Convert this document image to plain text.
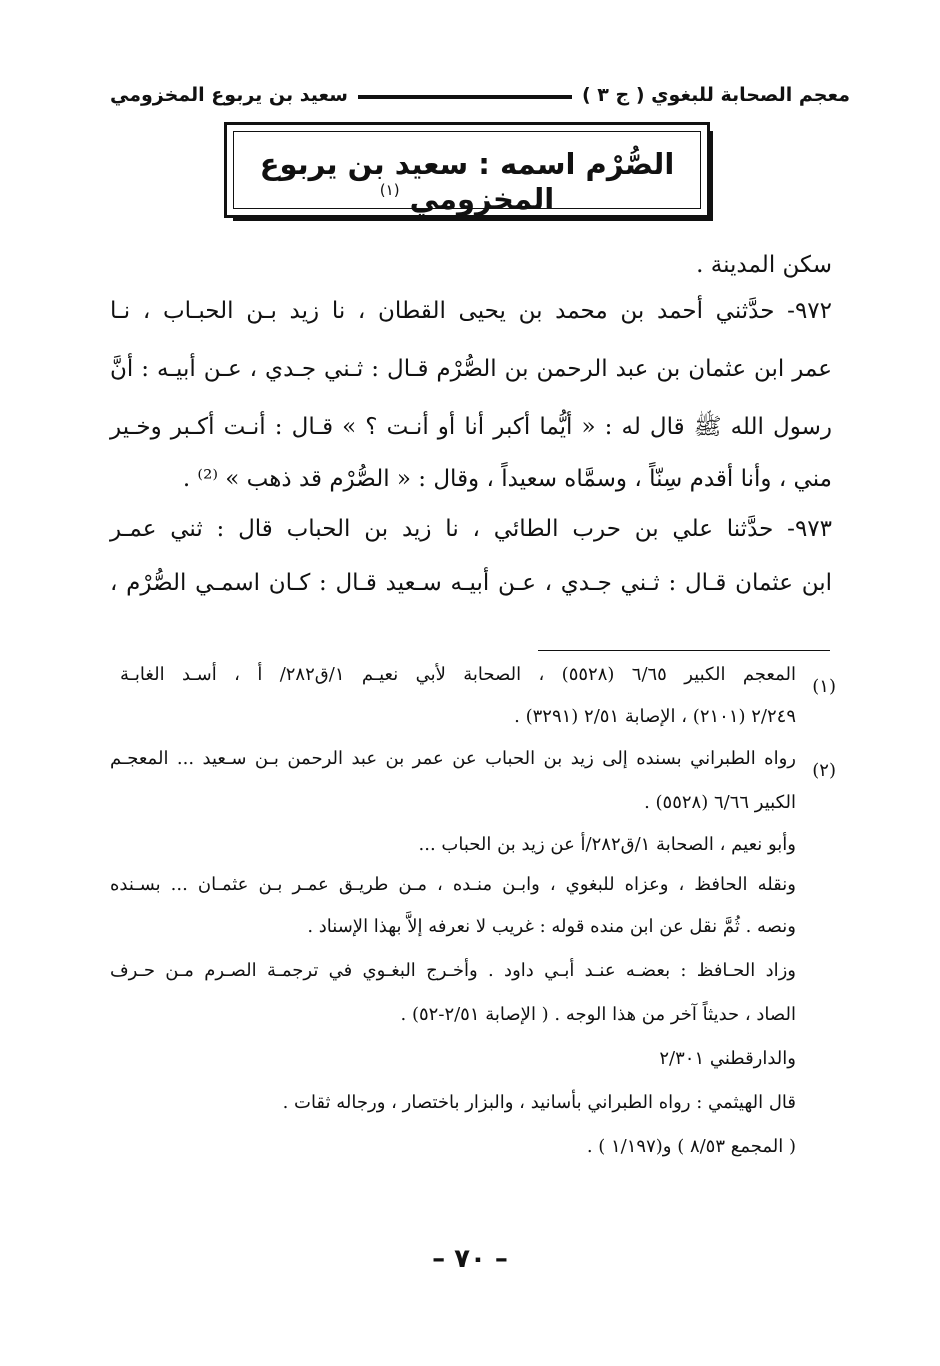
معجم الصحابة للبغوي ( ج ٣ )
سعيد بن يربوع المخزومي
الصُّرْم اسمه : سعيد بن يربوع المخزومي $^{(١)}$
سكن المدينة .
٩٧٢- حدَّثني أحمد بن محمد بن يحيى القطان ، نا زيد بـن الحبـاب ، نـا
عمر ابن عثمان بن عبد الرحمن بن الصُّرْم قـال : ثـني جـدي ، عـن أبيـه : أنَّ
رسول الله ﷺ قال له : « أيُّما أكبر أنا أو أنـت ؟ » قـال : أنـت أكـبر وخـير
مني ، وأنا أقدم سِنّاً ، وسمَّاه سعيداً ، وقال : « الصُّرْم قد ذهب » ⁽²⁾ .
٩٧٣- حدَّثنا علي بن حرب الطائي ، نا زيد بن الحباب قال : ثني عمـر
ابن عثمان قـال : ثـني جـدي ، عـن أبيـه سـعيد قـال : كـان اسمـي الصُّرْم ،
(١)
المعجم الكبير ٦/٦٥ (٥٥٢٨) ، الصحابة لأبي نعيـم ١/ق٢٨٢/ أ ، أسـد الغابـة
٢/٢٤٩ (٢١٠١) ، الإصابة ٢/٥١ (٣٢٩١) .
(٢)
رواه الطبراني بسنده إلى زيد بن الحباب عن عمر بن عبد الرحمن بـن سـعيد ... المعجـم
الكبير ٦/٦٦ (٥٥٢٨) .
وأبو نعيم ، الصحابة ١/ق٢٨٢/أ عن زيد بن الحباب ...
ونقله الحافظ ، وعزاه للبغوي ، وابـن منـده ، مـن طريـق عمـر بـن عثمـان ... بسـنده
ونصه . ثُمَّ نقل عن ابن منده قوله : غريب لا نعرفه إلاَّ بهذا الإسناد .
وزاد الحـافظ : بعضـه عنـد أبـي داود . وأخـرج البغـوي في ترجمـة الصـرم مـن حـرف
الصاد ، حديثاً آخر من هذا الوجه . ( الإصابة ٢/٥١-٥٢) .
والدارقطني ٢/٣٠١
قال الهيثمي : رواه الطبراني بأسانيد ، والبزار باختصار ، ورجاله ثقات .
( المجمع ٨/٥٣ ) و(١/١٩٧ ) .
– ٧٠ –
